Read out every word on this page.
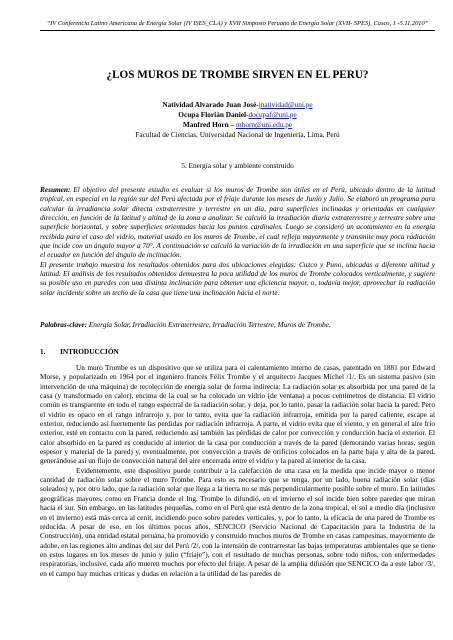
“IV Conferencia Latino Americana de Energía Solar (IV ISES_CLA) y XVII Simposio Peruano de Energía Solar (XVII- SPES), Cusco, 1 -5.11.2010”
¿LOS MUROS DE TROMBE SIRVEN EN EL PERU?
Natividad Alvarado Juan José-jnatividad@uni.pe
Ocupa Florián Daniel-docupaf@uni.pe
Manfred Horn – mhorn@uni.edu.pe
Facultad de Ciencias, Universidad Nacional de Ingeniería, Lima, Perú
5. Energía solar y ambiente construido
Resumen: El objetivo del presente estudio es evaluar si los muros de Trombe son útiles en el Perú, ubicado dentro de la latitud tropical, en especial en la región sur del Perú afectada por el friaje durante los meses de Junio y Julio. Se elaboró un programa para calcular la irradiancia solar directa extraterrestre y terrestre en un día, para superficies inclinadas y orientadas en cualquier dirección, en función de la latitud y altitud de la zona a analizar. Se calculó la irradiación diaria extraterrestre y terrestre sobre una superficie horizontal, y sobre superficies orientadas hacia los puntos cardinales. Luego se consideró un acotamiento en la energía recibida para el caso del vidrio, material usado en los muros de Trombe, el cual refleja mayormente y transmite muy poca radiación que incide con un ángulo mayor a 70°. A continuación se calculó la variación de la irradiación en una superficie que se inclina hacia el ecuador en función del ángulo de inclinación.
El presente trabajo muestra los resultados obtenidos para dos ubicaciones elegidas: Cuzco y Puno, ubicadas a diferente altitud y latitud. El análisis de los resultados obtenidos demuestra la poca utilidad de los muros de Trombe colocados verticalmente, y sugiere su posible uso en paredes con una distinta inclinación para obtener una eficiencia mayor, o, todavía mejor, aprovechar la radiación solar incidente sobre un techo de la casa que tiene una inclinación hacia el norte.
Palabras-clave: Energía Solar, Irradiación Extraterrestre, Irradiación Terrestre, Muros de Trombe.
1. INTRODUCCIÓN

Un muro Trombe es un dispositivo que se utiliza para el calentamiento interno de casas, patentado en 1881 por Edward Morse, y popularizado en 1964 por el ingeniero francés Félix Trombe y el arquitecto Jacques Michel /1/. Es un sistema pasivo (sin intervención de una máquina) de recolección de energía solar de forma indirecta: La radiación solar es absorbida por una pared de la casa (y transformado en calor), encima de la cual se ha colocado un vidrio (de ventana) a pocos centímetros de distancia. El vidrio común es transparente en todo el rango espectral de la radiación solar, y deja, por lo tanto, pasar la radiación solar hacia la pared. Pero el vidrio es opaco en el rango infrarrojo y, por lo tanto, evita que la radiación infrarroja, emitida por la pared caliente, escape al exterior, reduciendo así fuertemente las perdidas por radiación infrarroja. A parte, el vidrio evita que el viento, y en general el aire frío exterior, esté en contacto con la pared, reduciendo así también las pérdidas de calor por convección y conducción hacia el exterior. El calor absorbido en la pared es conducido al interior de la casa por conducción a través de la pared (demorando varias horas, según espesor y material de la pared) y, eventualmente, por convección a través de orificios colocados en la parte baja y alta de la pared, generándose así un flujo de convección natural del aire encerrada entre el vidrio y la pared al interior de la casa.

Evidentemente, este dispositivo puede contribuir a la calefacción de una casa en la medida que incide mayor o menor cantidad de radiación solar sobre el muro Trombe. Para esto es necesario que se tenga, por un lado, buena radiación solar (días soleados) y, por otro lado, que la radiación solar que llega a la tierra no se más perpendicularmente posible sobre el muro. En latitudes geográficas mayores, como en Francia donde el Ing. Trombe lo difundió, en el invierno el sol incide bien sobre paredes que miran hacia el sur. Sin embargo, en las latitudes pequeñas, como en el Perú que está dentro de la zona tropical, el sol a medio día (inclusive en el invierno) está más cerca al cenit, incidiendo poco sobre paredes verticales, y, por lo tanto, la eficacia de una pared de Trombe es reducida. A pesar de eso, en los últimos pocos años, SENCICO (Servicio Nacional de Capacitación para la Industria de la Construcción), una entidad estatal peruana, ha promovido y construido muchos muros de Trombe en casas campesinas, mayormente de adobe, en las regiones alto andinas del sur del Perú /2/, con la intensión de contrarrestar las bajas temperaturas ambientales que se tiene en estos lugares en los meses de junio y julio (“friaje”), con el resultado de muchas personas, sobre todo niños, con enfermedades respiratorias, inclusive, cada año mueren muchos por efecto del friaje. A pesar de la amplia difusión que SENCICO da a este labor /3/, en el campo hay muchas críticas y dudas en relación a la utilidad de las paredes de
